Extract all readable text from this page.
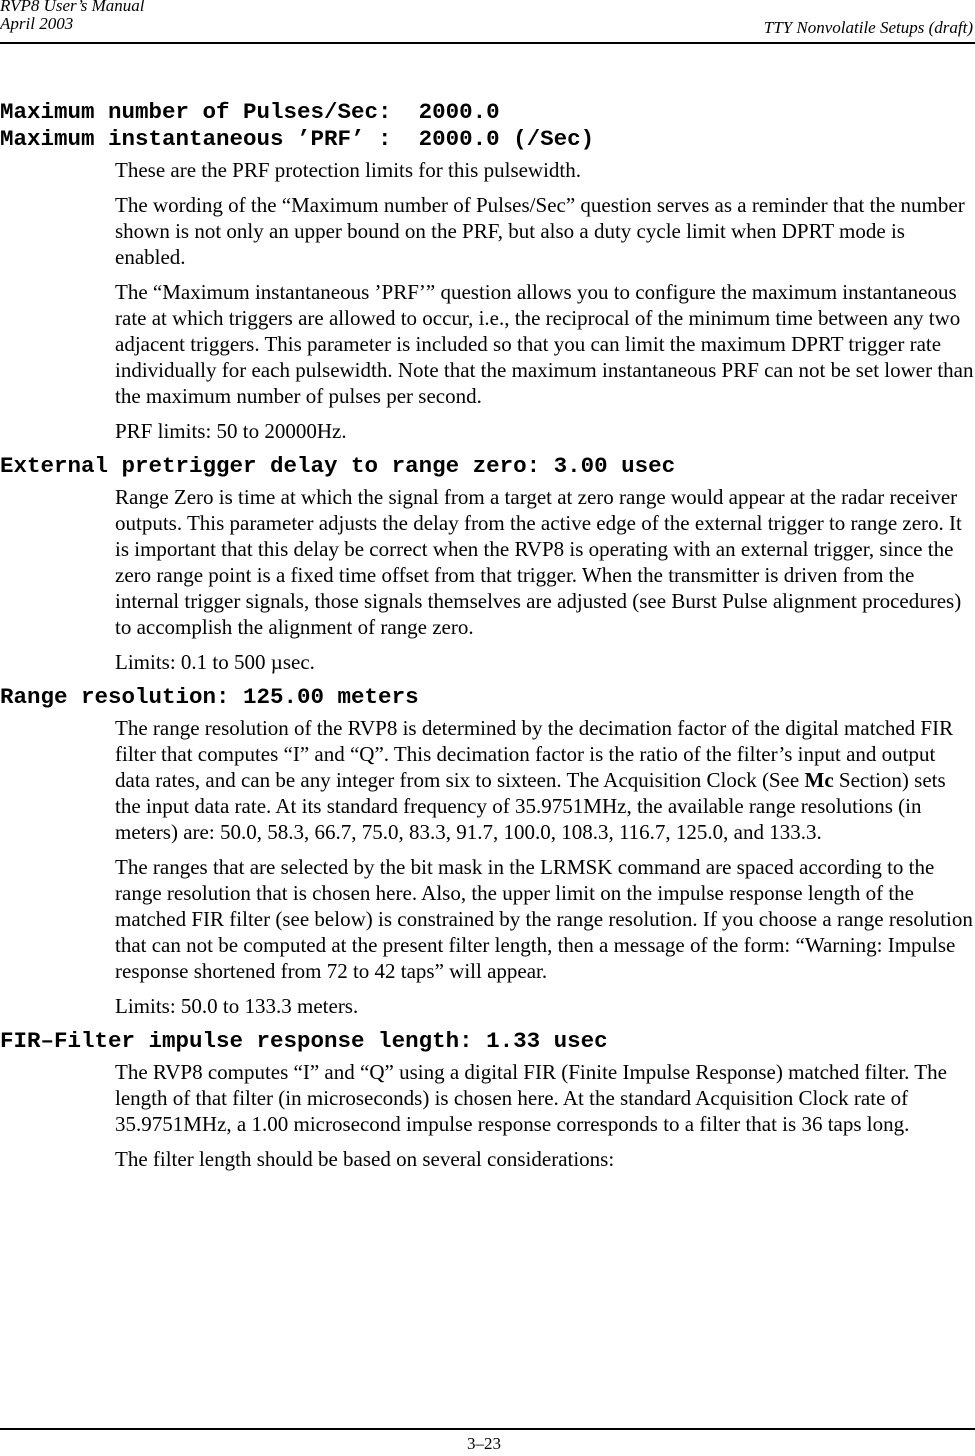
RVP8 User’s Manual
April 2003	TTY Nonvolatile Setups (draft)
Maximum number of Pulses/Sec:  2000.0
Maximum instantaneous ’PRF’ :  2000.0 (/Sec)

These are the PRF protection limits for this pulsewidth.

The wording of the “Maximum number of Pulses/Sec” question serves as a reminder that the number shown is not only an upper bound on the PRF, but also a duty cycle limit when DPRT mode is enabled.

The “Maximum instantaneous ’PRF’” question allows you to configure the maximum instantaneous rate at which triggers are allowed to occur, i.e., the reciprocal of the minimum time between any two adjacent triggers. This parameter is included so that you can limit the maximum DPRT trigger rate individually for each pulsewidth. Note that the maximum instantaneous PRF can not be set lower than the maximum number of pulses per second.

PRF limits: 50 to 20000Hz.

External pretrigger delay to range zero: 3.00 usec

Range Zero is time at which the signal from a target at zero range would appear at the radar receiver outputs. This parameter adjusts the delay from the active edge of the external trigger to range zero. It is important that this delay be correct when the RVP8 is operating with an external trigger, since the zero range point is a fixed time offset from that trigger. When the transmitter is driven from the internal trigger signals, those signals themselves are adjusted (see Burst Pulse alignment procedures) to accomplish the alignment of range zero.

Limits: 0.1 to 500 µsec.

Range resolution: 125.00 meters

The range resolution of the RVP8 is determined by the decimation factor of the digital matched FIR filter that computes “I” and “Q”. This decimation factor is the ratio of the filter’s input and output data rates, and can be any integer from six to sixteen. The Acquisition Clock (See Mc Section) sets the input data rate. At its standard frequency of 35.9751MHz, the available range resolutions (in meters) are: 50.0, 58.3, 66.7, 75.0, 83.3, 91.7, 100.0, 108.3, 116.7, 125.0, and 133.3.

The ranges that are selected by the bit mask in the LRMSK command are spaced according to the range resolution that is chosen here. Also, the upper limit on the impulse response length of the matched FIR filter (see below) is constrained by the range resolution. If you choose a range resolution that can not be computed at the present filter length, then a message of the form: “Warning: Impulse response shortened from 72 to 42 taps” will appear.

Limits: 50.0 to 133.3 meters.

FIR–Filter impulse response length: 1.33 usec

The RVP8 computes “I” and “Q” using a digital FIR (Finite Impulse Response) matched filter. The length of that filter (in microseconds) is chosen here. At the standard Acquisition Clock rate of 35.9751MHz, a 1.00 microsecond impulse response corresponds to a filter that is 36 taps long.

The filter length should be based on several considerations:

3–23
